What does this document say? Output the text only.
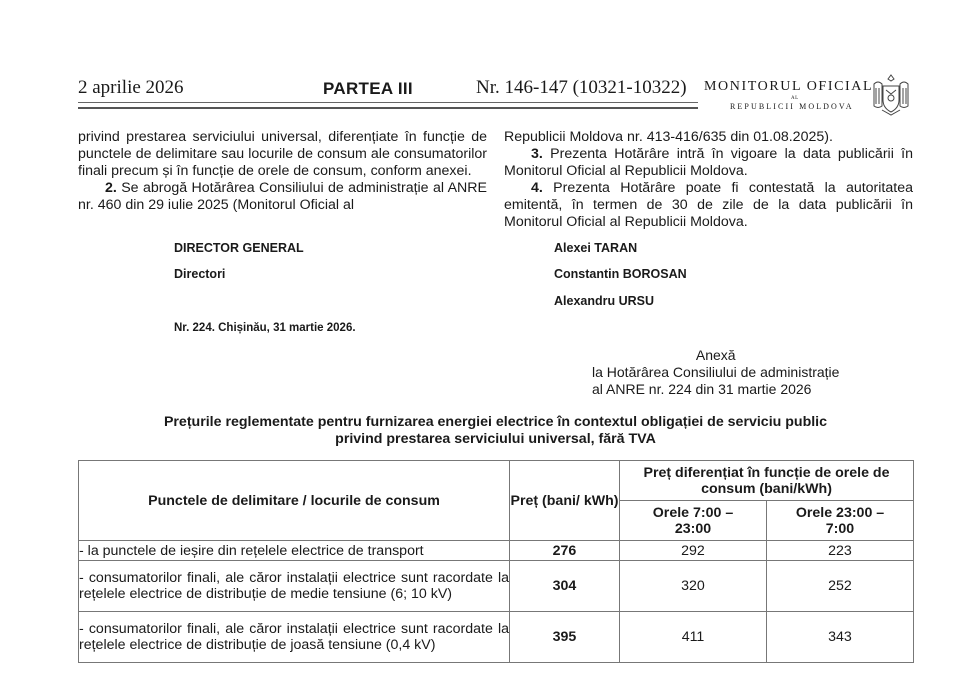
2 aprilie 2026	PARTEA III	Nr. 146-147 (10321-10322) MONITORUL OFICIAL
AL
REPUBLICII MOLDOVA

privind prestarea serviciului universal, diferențiate în funcție de punctele de delimitare sau locurile de consum ale consumatorilor finali precum și în funcție de orele de consum, conform anexei.

2. Se abrogă Hotărârea Consiliului de administrație al ANRE nr. 460 din 29 iulie 2025 (Monitorul Oficial al

Republicii Moldova nr. 413-416/635 din 01.08.2025).

3. Prezenta Hotărâre intră în vigoare la data publicării în Monitorul Oficial al Republicii Moldova.

4. Prezenta Hotărâre poate fi contestată la autoritatea emitentă, în termen de 30 de zile de la data publicării în Monitorul Oficial al Republicii Moldova.

DIRECTOR GENERAL	Alexei TARAN
Directori	Constantin BOROSAN
Alexandru URSU
Nr. 224. Chișinău, 31 martie 2026.
Anexă
la Hotărârea Consiliului de administrație
al ANRE nr. 224 din 31 martie 2026
Prețurile reglementate pentru furnizarea energiei electrice în contextul obligației de serviciu public
privind prestarea serviciului universal, fără TVA
Punctele de delimitare / locurile de consum	Preț (bani/ kWh)	Preț diferențiat în funcție de orele de consum (bani/kWh)	

		Orele 7:00 – 23:00	Orele 23:00 – 7:00

- la punctele de ieșire din rețelele electrice de transport	276	292	223
- consumatorilor finali, ale căror instalații electrice sunt racordate la rețelele electrice de distribuție de medie tensiune (6; 10 kV)	304	320	252
- consumatorilor finali, ale căror instalații electrice sunt racordate la rețelele electrice de distribuție de joasă tensiune (0,4 kV)	395	411	343
